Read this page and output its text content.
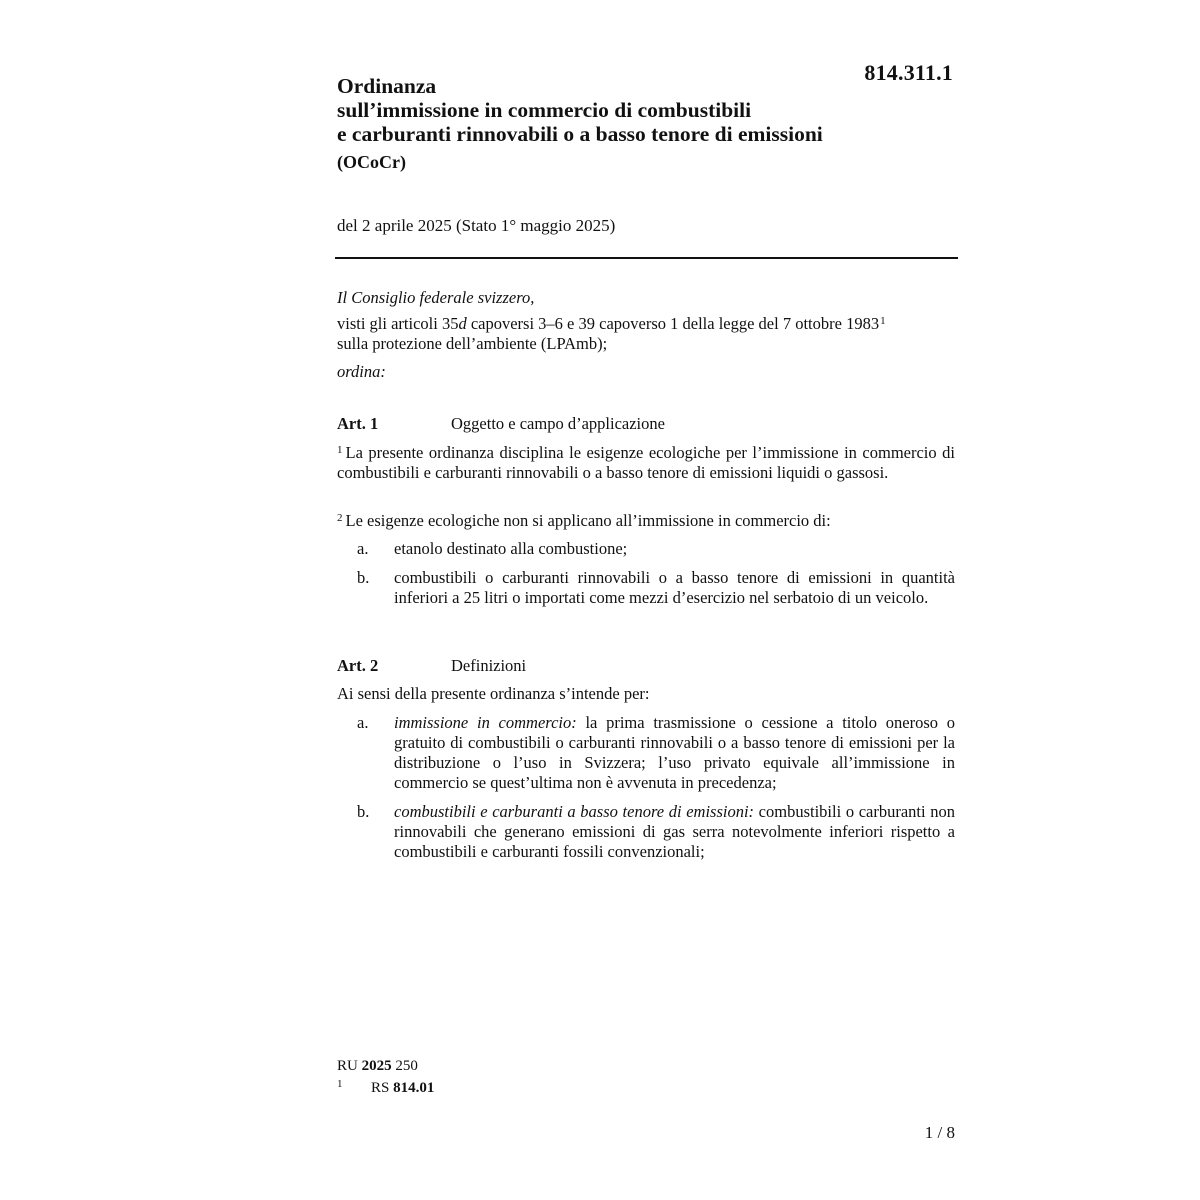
814.311.1
Ordinanza
sull’immissione in commercio di combustibili
e carburanti rinnovabili o a basso tenore di emissioni
(OCoCr)
del 2 aprile 2025 (Stato 1° maggio 2025)
Il Consiglio federale svizzero,
visti gli articoli 35d capoversi 3–6 e 39 capoverso 1 della legge del 7 ottobre 1983$^1$
sulla protezione dell’ambiente (LPAmb);
ordina:
Art. 1	Oggetto e campo d’applicazione
$^1$ La presente ordinanza disciplina le esigenze ecologiche per l’immissione in commercio di combustibili e carburanti rinnovabili o a basso tenore di emissioni liquidi o gassosi.
$^2$ Le esigenze ecologiche non si applicano all’immissione in commercio di:
a.	etanolo destinato alla combustione;
b.	combustibili o carburanti rinnovabili o a basso tenore di emissioni in quantità inferiori a 25 litri o importati come mezzi d’esercizio nel serbatoio di un veicolo.
Art. 2	Definizioni
Ai sensi della presente ordinanza s’intende per:
a.	immissione in commercio: la prima trasmissione o cessione a titolo oneroso o gratuito di combustibili o carburanti rinnovabili o a basso tenore di emissioni per la distribuzione o l’uso in Svizzera; l’uso privato equivale all’immissione in commercio se quest’ultima non è avvenuta in precedenza;
b.	combustibili e carburanti a basso tenore di emissioni: combustibili o carburanti non rinnovabili che generano emissioni di gas serra notevolmente inferiori rispetto a combustibili e carburanti fossili convenzionali;
RU 2025 250
1 RS 814.01
1 / 8
